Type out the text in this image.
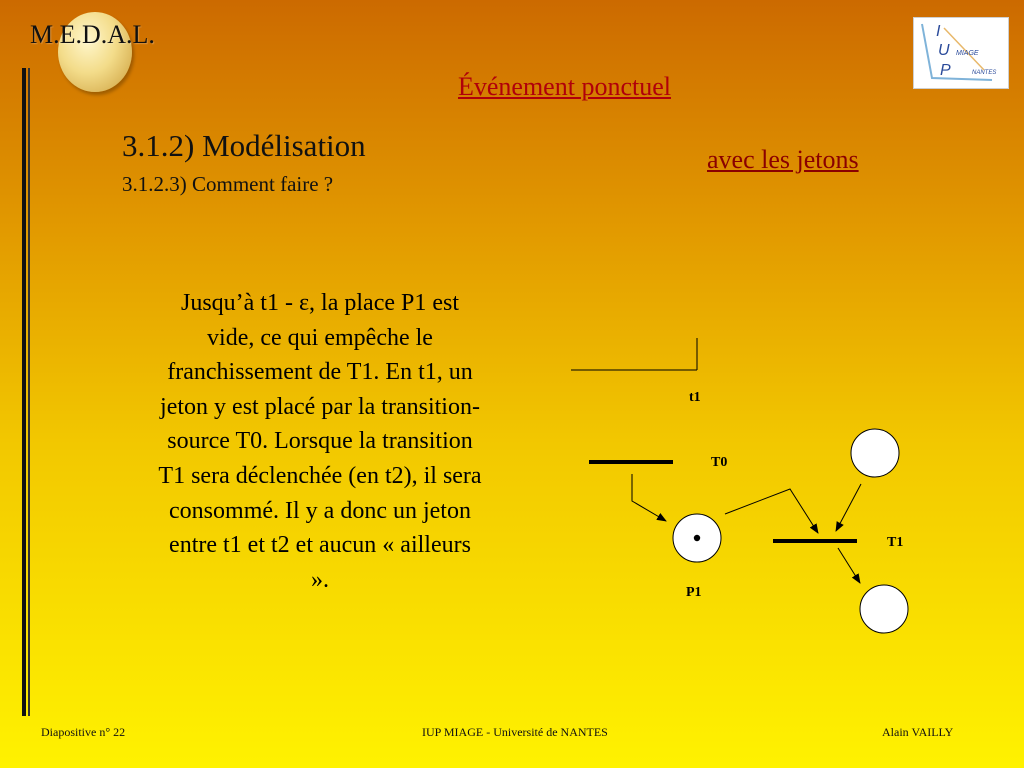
M.E.D.A.L.	I
U
P
MIAGE
NANTES
Événement ponctuel
avec les jetons
3.1.2) Modélisation
3.1.2.3) Comment faire ?
Jusqu’à t1 - ε, la place P1 est vide, ce qui empêche le franchissement de T1. En t1, un jeton y est placé par la transition-source T0. Lorsque la transition T1 sera déclenchée (en t2), il sera consommé. Il y a donc un jeton entre t1 et t2 et aucun « ailleurs ».
t1
T0
P1
T1
Diapositive n° 22	IUP MIAGE - Université de NANTES	Alain VAILLY
